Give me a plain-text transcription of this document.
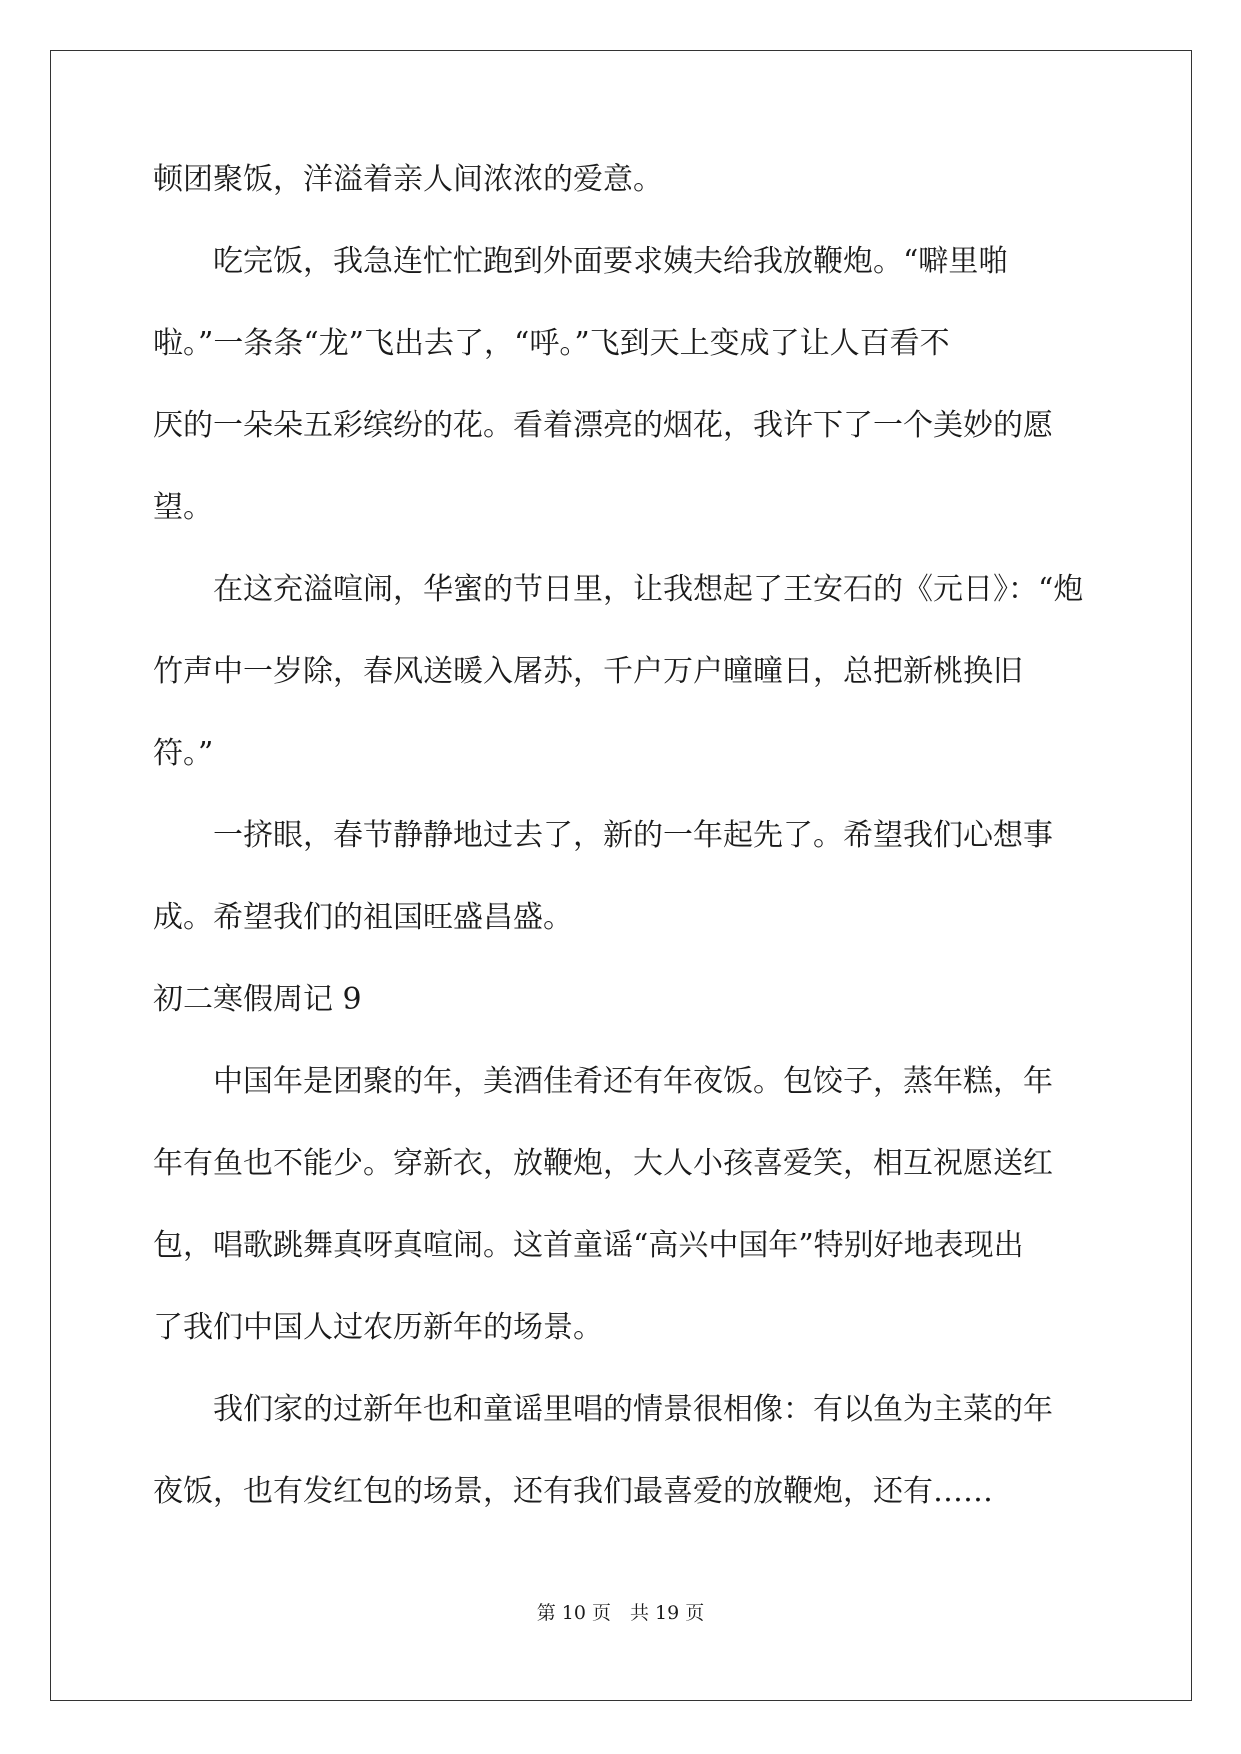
顿团聚饭，洋溢着亲人间浓浓的爱意。
　　吃完饭，我急连忙忙跑到外面要求姨夫给我放鞭炮。“噼里啪
啦。”一条条“龙”飞出去了，“呼。”飞到天上变成了让人百看不
厌的一朵朵五彩缤纷的花。看着漂亮的烟花，我许下了一个美妙的愿
望。
　　在这充溢喧闹，华蜜的节日里，让我想起了王安石的《元日》：“炮
竹声中一岁除，春风送暖入屠苏，千户万户曈曈日，总把新桃换旧
符。”
　　一挤眼，春节静静地过去了，新的一年起先了。希望我们心想事
成。希望我们的祖国旺盛昌盛。
初二寒假周记 9
　　中国年是团聚的年，美酒佳肴还有年夜饭。包饺子，蒸年糕，年
年有鱼也不能少。穿新衣，放鞭炮，大人小孩喜爱笑，相互祝愿送红
包，唱歌跳舞真呀真喧闹。这首童谣“高兴中国年”特别好地表现出
了我们中国人过农历新年的场景。
　　我们家的过新年也和童谣里唱的情景很相像：有以鱼为主菜的年
夜饭，也有发红包的场景，还有我们最喜爱的放鞭炮，还有……
第 10 页　共 19 页
